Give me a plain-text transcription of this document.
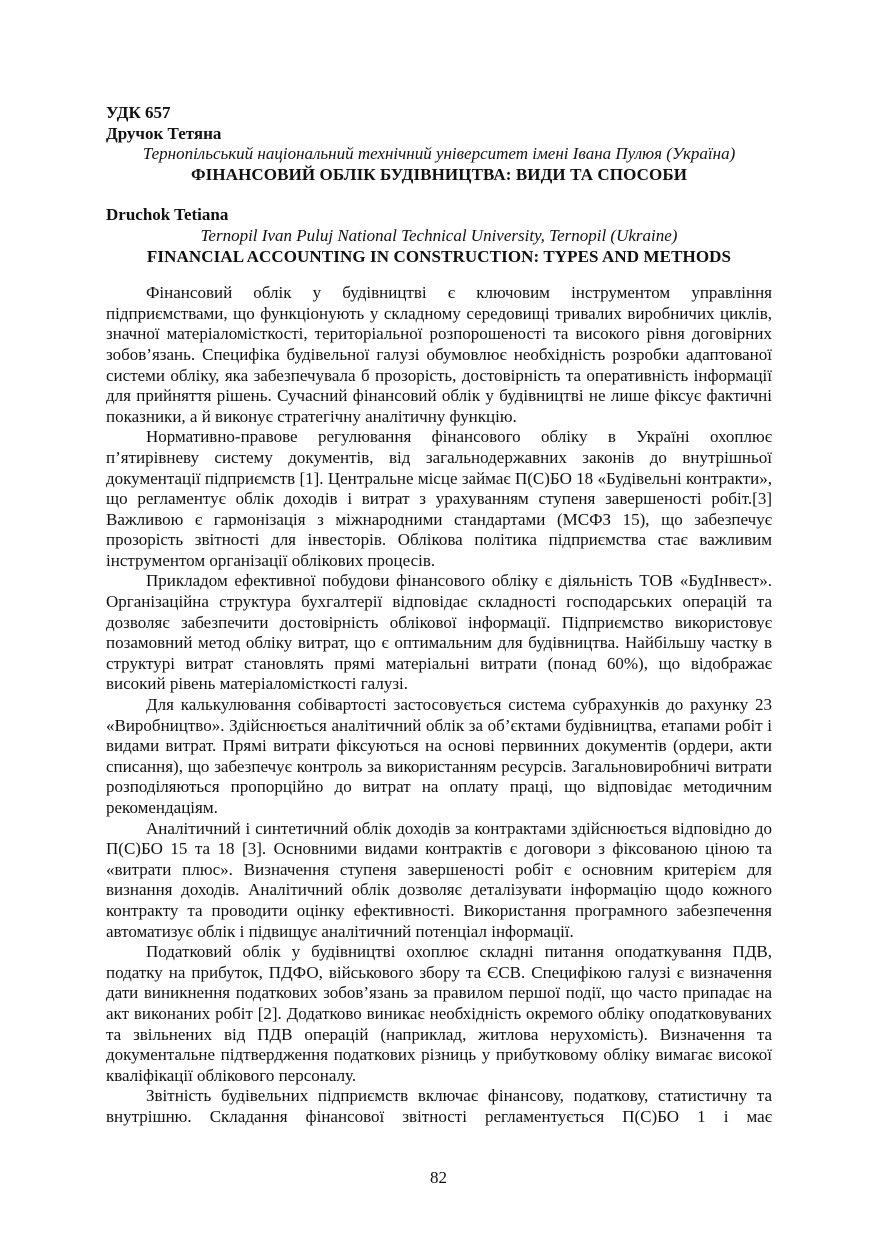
УДК 657

Дручок Тетяна

Тернопільський національний технічний університет імені Івана Пулюя (Україна)

ФІНАНСОВИЙ ОБЛІК БУДІВНИЦТВА: ВИДИ ТА СПОСОБИ

Druchok Tetiana

Ternopil Ivan Puluj National Technical University, Ternopil (Ukraine)

FINANCIAL ACCOUNTING IN CONSTRUCTION: TYPES AND METHODS

Фінансовий облік у будівництві є ключовим інструментом управління підприємствами, що функціонують у складному середовищі тривалих виробничих циклів, значної матеріаломісткості, територіальної розпорошеності та високого рівня договірних зобов’язань. Специфіка будівельної галузі обумовлює необхідність розробки адаптованої системи обліку, яка забезпечувала б прозорість, достовірність та оперативність інформації для прийняття рішень. Сучасний фінансовий облік у будівництві не лише фіксує фактичні показники, а й виконує стратегічну аналітичну функцію.

Нормативно-правове регулювання фінансового обліку в Україні охоплює п’ятирівневу систему документів, від загальнодержавних законів до внутрішньої документації підприємств [1]. Центральне місце займає П(С)БО 18 «Будівельні контракти», що регламентує облік доходів і витрат з урахуванням ступеня завершеності робіт.[3] Важливою є гармонізація з міжнародними стандартами (МСФЗ 15), що забезпечує прозорість звітності для інвесторів. Облікова політика підприємства стає важливим інструментом організації облікових процесів.

Прикладом ефективної побудови фінансового обліку є діяльність ТОВ «БудІнвест». Організаційна структура бухгалтерії відповідає складності господарських операцій та дозволяє забезпечити достовірність облікової інформації. Підприємство використовує позамовний метод обліку витрат, що є оптимальним для будівництва. Найбільшу частку в структурі витрат становлять прямі матеріальні витрати (понад 60%), що відображає високий рівень матеріаломісткості галузі.

Для калькулювання собівартості застосовується система субрахунків до рахунку 23 «Виробництво». Здійснюється аналітичний облік за об’єктами будівництва, етапами робіт і видами витрат. Прямі витрати фіксуються на основі первинних документів (ордери, акти списання), що забезпечує контроль за використанням ресурсів. Загальновиробничі витрати розподіляються пропорційно до витрат на оплату праці, що відповідає методичним рекомендаціям.

Аналітичний і синтетичний облік доходів за контрактами здійснюється відповідно до П(С)БО 15 та 18 [3]. Основними видами контрактів є договори з фіксованою ціною та «витрати плюс». Визначення ступеня завершеності робіт є основним критерієм для визнання доходів. Аналітичний облік дозволяє деталізувати інформацію щодо кожного контракту та проводити оцінку ефективності. Використання програмного забезпечення автоматизує облік і підвищує аналітичний потенціал інформації.

Податковий облік у будівництві охоплює складні питання оподаткування ПДВ, податку на прибуток, ПДФО, військового збору та ЄСВ. Специфікою галузі є визначення дати виникнення податкових зобов’язань за правилом першої події, що часто припадає на акт виконаних робіт [2]. Додатково виникає необхідність окремого обліку оподатковуваних та звільнених від ПДВ операцій (наприклад, житлова нерухомість). Визначення та документальне підтвердження податкових різниць у прибутковому обліку вимагає високої кваліфікації облікового персоналу.

Звітність будівельних підприємств включає фінансову, податкову, статистичну та внутрішню. Складання фінансової звітності регламентується П(С)БО 1 і має

82
